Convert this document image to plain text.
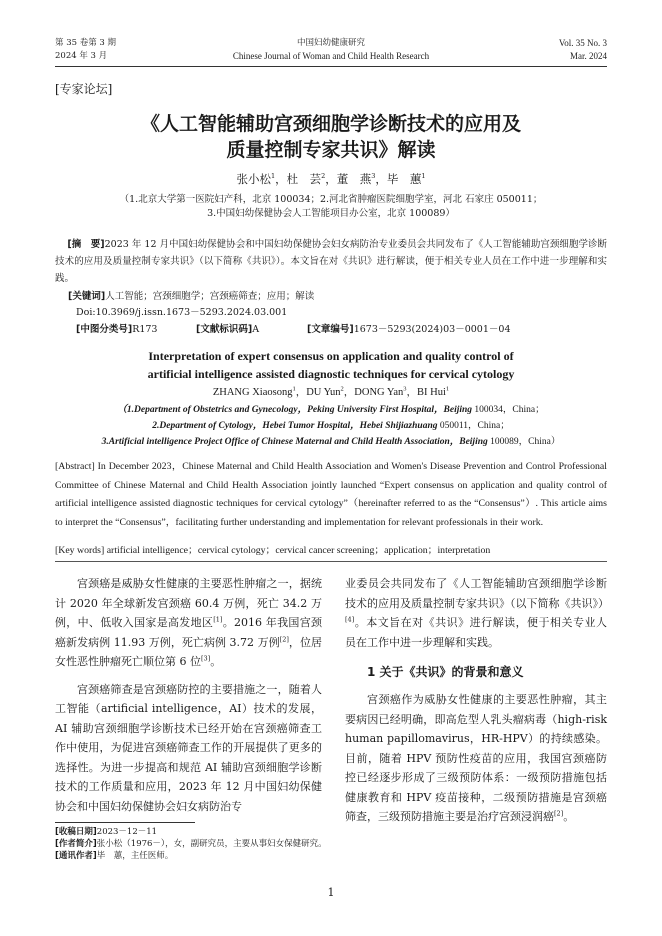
第 35 卷第 3 期
2024 年 3 月
中国妇幼健康研究
Chinese Journal of Woman and Child Health Research
Vol. 35 No. 3
Mar. 2024
[专家论坛]
《人工智能辅助宫颈细胞学诊断技术的应用及
质量控制专家共识》解读
张小松$^1$，杜　芸$^2$，董　燕$^3$，毕　蕙$^1$
（1.北京大学第一医院妇产科，北京 100034；2.河北省肿瘤医院细胞学室，河北 石家庄 050011；
3.中国妇幼保健协会人工智能项目办公室，北京 100089）
[摘　要]2023 年 12 月中国妇幼保健协会和中国妇幼保健协会妇女病防治专业委员会共同发布了《人工智能辅助宫颈细胞学诊断技术的应用及质量控制专家共识》（以下简称《共识》）。本文旨在对《共识》进行解读，便于相关专业人员在工作中进一步理解和实践。
[关键词]人工智能；宫颈细胞学；宫颈癌筛查；应用；解读
Doi:10.3969/j.issn.1673－5293.2024.03.001
[中图分类号]R173	[文献标识码]A	[文章编号]1673－5293(2024)03－0001－04
Interpretation of expert consensus on application and quality control of
artificial intelligence assisted diagnostic techniques for cervical cytology
ZHANG Xiaosong$^1$，DU Yun$^2$，DONG Yan$^3$，BI Hui$^1$
（1.Department of Obstetrics and Gynecology，Peking University First Hospital，Beijing 100034，China；
2.Department of Cytology，Hebei Tumor Hospital，Hebei Shijiazhuang 050011，China；
3.Artificial intelligence Project Office of Chinese Maternal and Child Health Association，Beijing 100089，China）
[Abstract] In December 2023，Chinese Maternal and Child Health Association and Women's Disease Prevention and Control Professional Committee of Chinese Maternal and Child Health Association jointly launched “Expert consensus on application and quality control of artificial intelligence assisted diagnostic techniques for cervical cytology”（hereinafter referred to as the “Consensus”）. This article aims to interpret the “Consensus”，facilitating further understanding and implementation for relevant professionals in their work.
[Key words] artificial intelligence；cervical cytology；cervical cancer screening；application；interpretation

宫颈癌是威胁女性健康的主要恶性肿瘤之一，据统计 2020 年全球新发宫颈癌 60.4 万例，死亡 34.2 万例，中、低收入国家是高发地区[1]。2016 年我国宫颈癌新发病例 11.93 万例，死亡病例 3.72 万例[2]，位居女性恶性肿瘤死亡顺位第 6 位[3]。

宫颈癌筛查是宫颈癌防控的主要措施之一，随着人工智能（artificial intelligence，AI）技术的发展，AI 辅助宫颈细胞学诊断技术已经开始在宫颈癌筛查工作中使用，为促进宫颈癌筛查工作的开展提供了更多的选择性。为进一步提高和规范 AI 辅助宫颈细胞学诊断技术的工作质量和应用，2023 年 12 月中国妇幼保健协会和中国妇幼保健协会妇女病防治专

[收稿日期]2023－12－11
[作者简介]张小松（1976－），女，副研究员，主要从事妇女保健研究。
[通讯作者]毕　蕙，主任医师。

业委员会共同发布了《人工智能辅助宫颈细胞学诊断技术的应用及质量控制专家共识》（以下简称《共识》）[4]。本文旨在对《共识》进行解读，便于相关专业人员在工作中进一步理解和实践。

1 关于《共识》的背景和意义

宫颈癌作为威胁女性健康的主要恶性肿瘤，其主要病因已经明确，即高危型人乳头瘤病毒（high-risk human papillomavirus，HR-HPV）的持续感染。目前，随着 HPV 预防性疫苗的应用，我国宫颈癌防控已经逐步形成了三级预防体系：一级预防措施包括健康教育和 HPV 疫苗接种，二级预防措施是宫颈癌筛查，三级预防措施主要是治疗宫颈浸润癌[2]。

1
